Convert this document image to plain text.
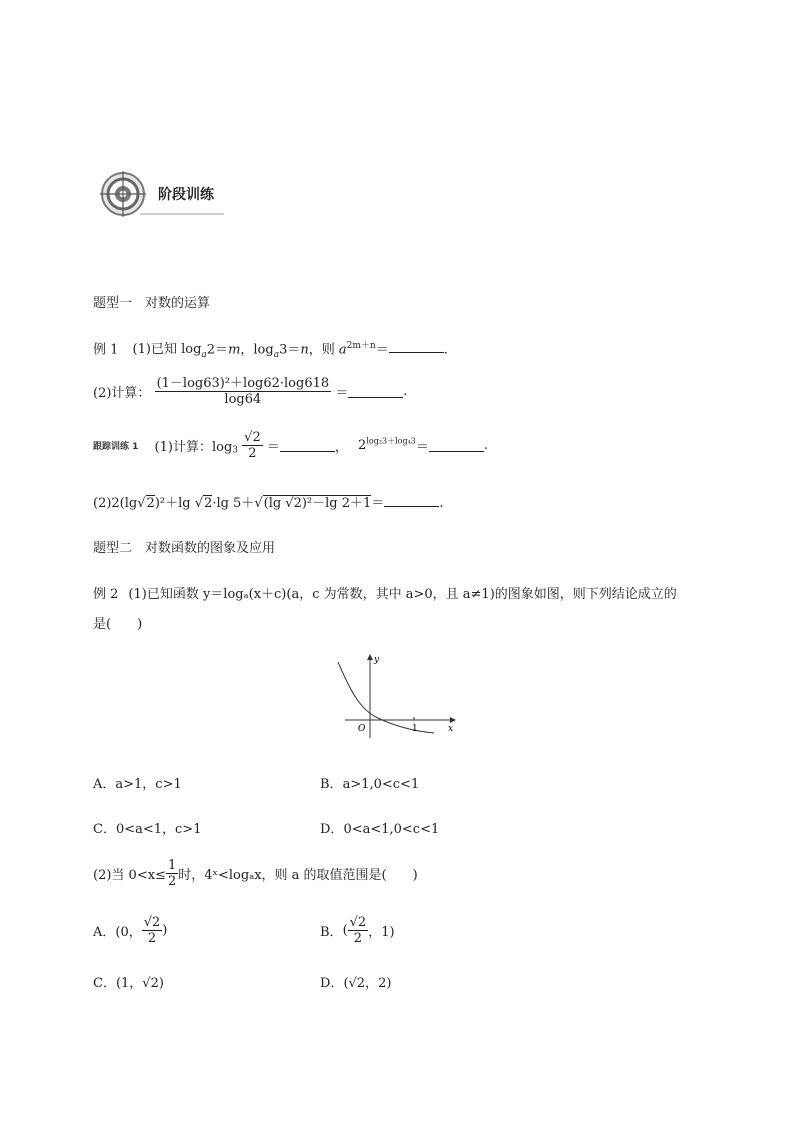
阶段训练
题型一　对数的运算
例 1 (1)已知 $\log_a2=m$，$\log_a3=n$，则 $a^{2m+n}=$	.
(2)计算： $\frac{\text{(1－log63)²＋log62·log618}}{\log 64}$ ＝	.
跟踪训练 1 (1)计算：$\log_3 \frac{√2}{2}$ ＝	， $2^{log_23+log_43}=$	.
(2)2(lg√2)²＋lg √2·lg 5＋√(lg √2)²－lg 2＋1＝	.
题型二　对数函数的图象及应用
例 2 (1)已知函数 y＝logₐ(x＋c)(a，c 为常数，其中 a>0，且 a≠1)的图象如图，则下列结论成立的
是(　　)
y
x
O	1
A．a>1，c>1	B．a>1,0<c<1
C．0<a<1，c>1	D．0<a<1,0<c<1
(2)当 $0<x\le \frac{1}{2}$ 时，4ˣ<logₐx，则 a 的取值范围是(　　)
A．(0， $\frac{√2}{2}$ )	B．( $\frac{√2}{2}$ ，1)
C．(1，√2)	D．(√2，2)
